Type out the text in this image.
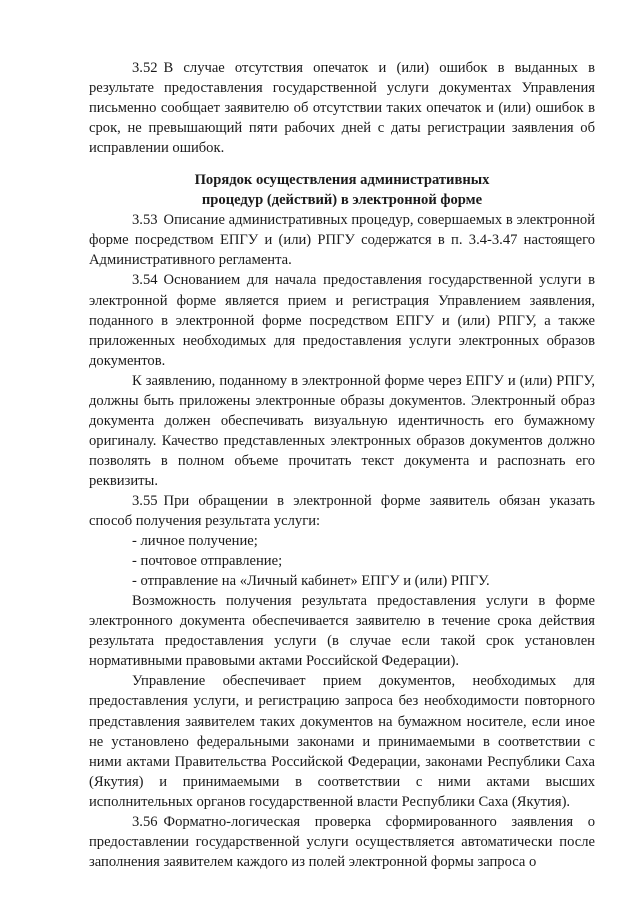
3.52 В случае отсутствия опечаток и (или) ошибок в выданных в результате предоставления государственной услуги документах Управления письменно сообщает заявителю об отсутствии таких опечаток и (или) ошибок в срок, не превышающий пяти рабочих дней с даты регистрации заявления об исправлении ошибок.

Порядок осуществления административных
процедур (действий) в электронной форме

3.53 Описание административных процедур, совершаемых в электронной форме посредством ЕПГУ и (или) РПГУ содержатся в п. 3.4-3.47 настоящего Административного регламента.

3.54 Основанием для начала предоставления государственной услуги в электронной форме является прием и регистрация Управлением заявления, поданного в электронной форме посредством ЕПГУ и (или) РПГУ, а также приложенных необходимых для предоставления услуги электронных образов документов.

К заявлению, поданному в электронной форме через ЕПГУ и (или) РПГУ, должны быть приложены электронные образы документов. Электронный образ документа должен обеспечивать визуальную идентичность его бумажному оригиналу. Качество представленных электронных образов документов должно позволять в полном объеме прочитать текст документа и распознать его реквизиты.

3.55 При обращении в электронной форме заявитель обязан указать способ получения результата услуги:

- личное получение;

- почтовое отправление;

- отправление на «Личный кабинет» ЕПГУ и (или) РПГУ.

Возможность получения результата предоставления услуги в форме электронного документа обеспечивается заявителю в течение срока действия результата предоставления услуги (в случае если такой срок установлен нормативными правовыми актами Российской Федерации).

Управление обеспечивает прием документов, необходимых для предоставления услуги, и регистрацию запроса без необходимости повторного представления заявителем таких документов на бумажном носителе, если иное не установлено федеральными законами и принимаемыми в соответствии с ними актами Правительства Российской Федерации, законами Республики Саха (Якутия) и принимаемыми в соответствии с ними актами высших исполнительных органов государственной власти Республики Саха (Якутия).

3.56 Форматно-логическая проверка сформированного заявления о предоставлении государственной услуги осуществляется автоматически после заполнения заявителем каждого из полей электронной формы запроса о
